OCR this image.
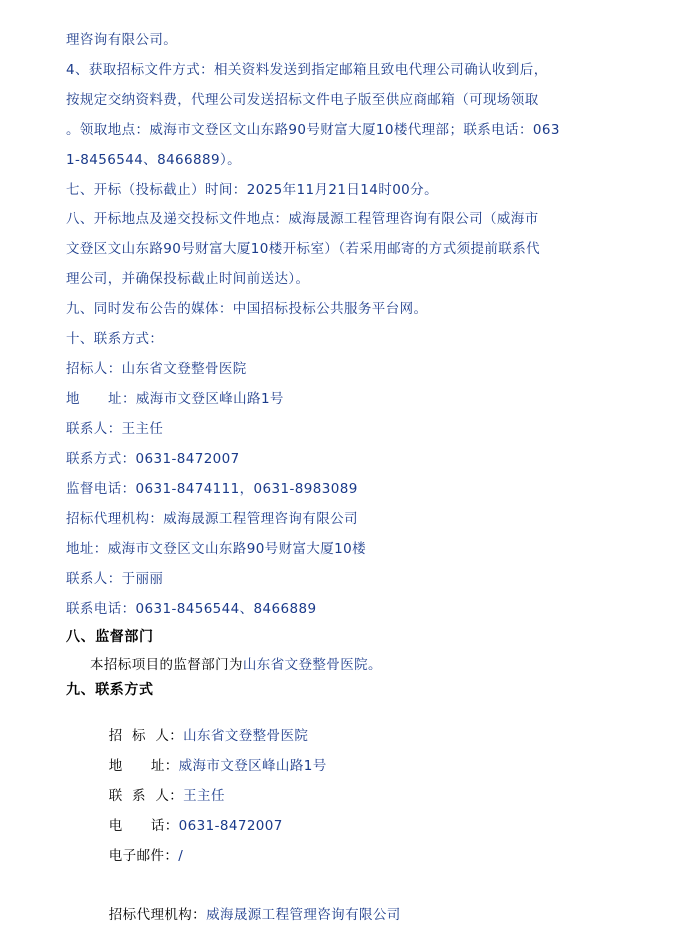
理咨询有限公司。
4、获取招标文件方式：相关资料发送到指定邮箱且致电代理公司确认收到后，
按规定交纳资料费，代理公司发送招标文件电子版至供应商邮箱（可现场领取
。领取地点：威海市文登区文山东路90号财富大厦10楼代理部；联系电话：063
1-8456544、8466889）。
七、开标（投标截止）时间：2025年11月21日14时00分。
八、开标地点及递交投标文件地点：威海晟源工程管理咨询有限公司（威海市
文登区文山东路90号财富大厦10楼开标室）（若采用邮寄的方式须提前联系代
理公司，并确保投标截止时间前送达）。
九、同时发布公告的媒体：中国招标投标公共服务平台网。
十、联系方式：
招标人：山东省文登整骨医院
地      址：威海市文登区峰山路1号
联系人：王主任
联系方式：0631-8472007
监督电话：0631-8474111，0631-8983089
招标代理机构：威海晟源工程管理咨询有限公司
地址：威海市文登区文山东路90号财富大厦10楼
联系人：于丽丽
联系电话：0631-8456544、8466889
八、监督部门
本招标项目的监督部门为山东省文登整骨医院。
九、联系方式

招  标  人：山东省文登整骨医院

地      址：威海市文登区峰山路1号

联  系  人：王主任

电      话：0631-8472007

电子邮件：/

招标代理机构：威海晟源工程管理咨询有限公司
